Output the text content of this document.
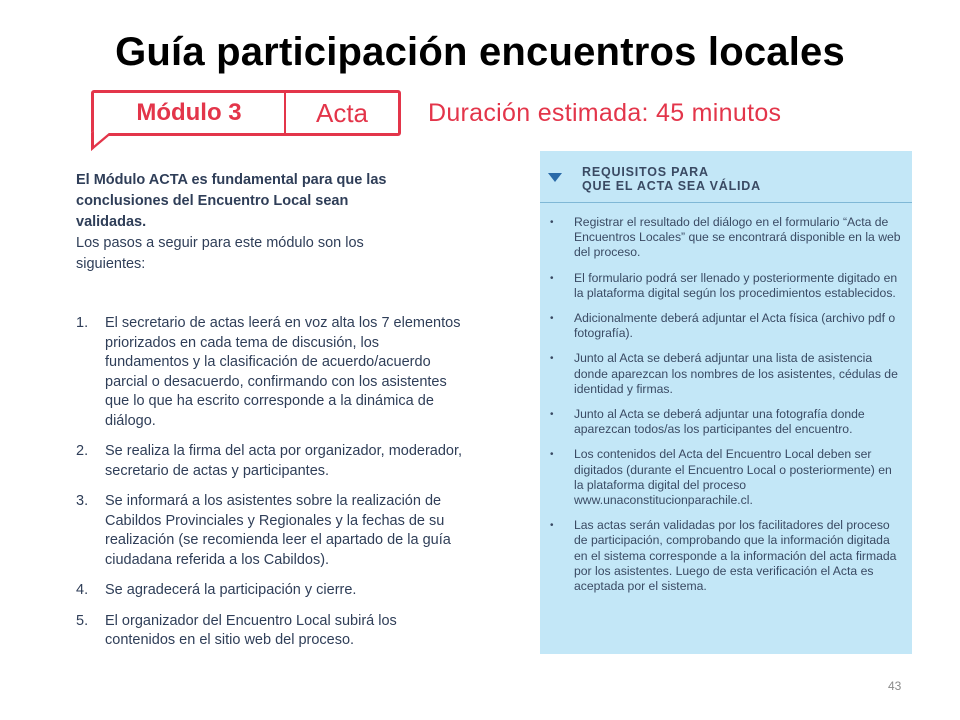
Guía participación encuentros locales
Módulo 3	Acta	Duración estimada: 45 minutos
El Módulo ACTA es fundamental para que las conclusiones del Encuentro Local sean validadas.
Los pasos a seguir para este módulo son los siguientes:
1.	El secretario de actas leerá en voz alta los 7 elementos priorizados en cada tema de discusión, los fundamentos y la clasificación de acuerdo/acuerdo parcial o desacuerdo, confirmando con los asistentes que lo que ha escrito corresponde a la dinámica de diálogo.
2.	Se realiza la firma del acta por organizador, moderador, secretario de actas y participantes.
3.	Se informará a los asistentes sobre la realización de Cabildos Provinciales y Regionales y la fechas de su realización (se recomienda leer el apartado de la guía ciudadana referida a los Cabildos).
4.	Se agradecerá la participación y cierre.
5.	El organizador del Encuentro Local subirá los contenidos en el sitio web del proceso.
REQUISITOS PARA
QUE EL ACTA SEA VÁLIDA
•	Registrar el resultado del diálogo en el formulario “Acta de Encuentros Locales” que se encontrará disponible en la web del proceso.
•	El formulario podrá ser llenado y posteriormente digitado en la plataforma digital según los procedimientos establecidos.
•	Adicionalmente deberá adjuntar el Acta física (archivo pdf o fotografía).
•	Junto al Acta se deberá adjuntar una lista de asistencia donde aparezcan los nombres de los asistentes, cédulas de identidad y firmas.
•	Junto al Acta se deberá adjuntar una fotografía donde aparezcan todos/as los participantes del encuentro.
•	Los contenidos del Acta del Encuentro Local deben ser digitados (durante el Encuentro Local o posteriormente) en la plataforma digital del proceso www.unaconstitucionparachile.cl.
•	Las actas serán validadas por los facilitadores del proceso de participación, comprobando que la información digitada en el sistema corresponde a la información del acta firmada por los asistentes. Luego de esta verificación el Acta es aceptada por el sistema.
43
